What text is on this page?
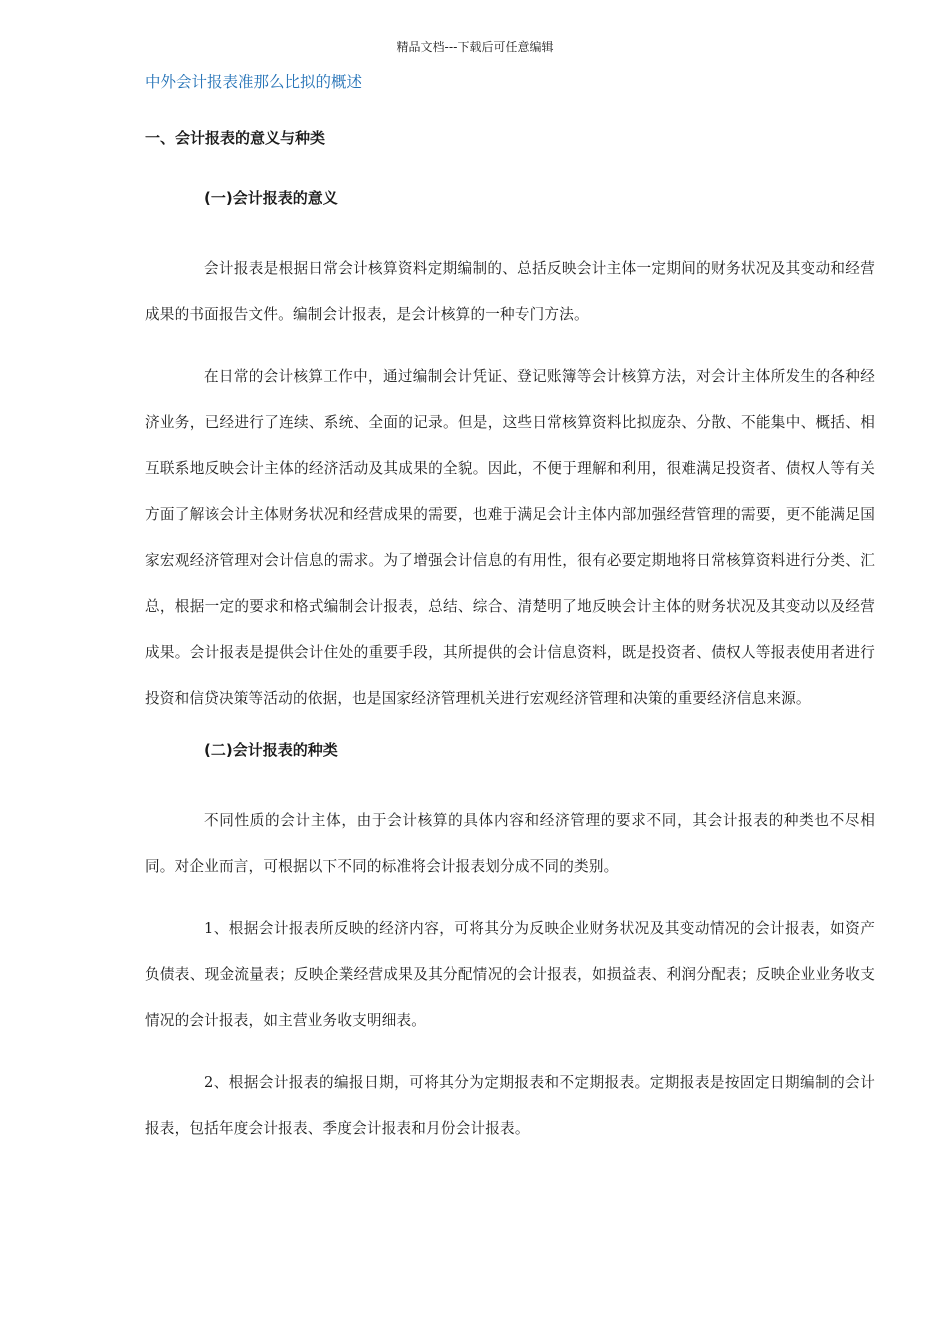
精品文档---下载后可任意编辑
中外会计报表准那么比拟的概述
一、会计报表的意义与种类
(一)会计报表的意义

会计报表是根据日常会计核算资料定期编制的、总括反映会计主体一定期间的财务状况及其变动和经营成果的书面报告文件。编制会计报表，是会计核算的一种专门方法。

在日常的会计核算工作中，通过编制会计凭证、登记账簿等会计核算方法，对会计主体所发生的各种经济业务，已经进行了连续、系统、全面的记录。但是，这些日常核算资料比拟庞杂、分散、不能集中、概括、相互联系地反映会计主体的经济活动及其成果的全貌。因此，不便于理解和利用，很难满足投资者、债权人等有关方面了解该会计主体财务状况和经营成果的需要，也难于满足会计主体内部加强经营管理的需要，更不能满足国家宏观经济管理对会计信息的需求。为了增强会计信息的有用性，很有必要定期地将日常核算资料进行分类、汇总，根据一定的要求和格式编制会计报表，总结、综合、清楚明了地反映会计主体的财务状况及其变动以及经营成果。会计报表是提供会计住处的重要手段，其所提供的会计信息资料，既是投资者、债权人等报表使用者进行投资和信贷决策等活动的依据，也是国家经济管理机关进行宏观经济管理和决策的重要经济信息来源。

(二)会计报表的种类

不同性质的会计主体，由于会计核算的具体内容和经济管理的要求不同，其会计报表的种类也不尽相同。对企业而言，可根据以下不同的标准将会计报表划分成不同的类别。

1、根据会计报表所反映的经济内容，可将其分为反映企业财务状况及其变动情况的会计报表，如资产负债表、现金流量表；反映企業经营成果及其分配情况的会计报表，如损益表、利润分配表；反映企业业务收支情况的会计报表，如主营业务收支明细表。

2、根据会计报表的编报日期，可将其分为定期报表和不定期报表。定期报表是按固定日期编制的会计报表，包括年度会计报表、季度会计报表和月份会计报表。
